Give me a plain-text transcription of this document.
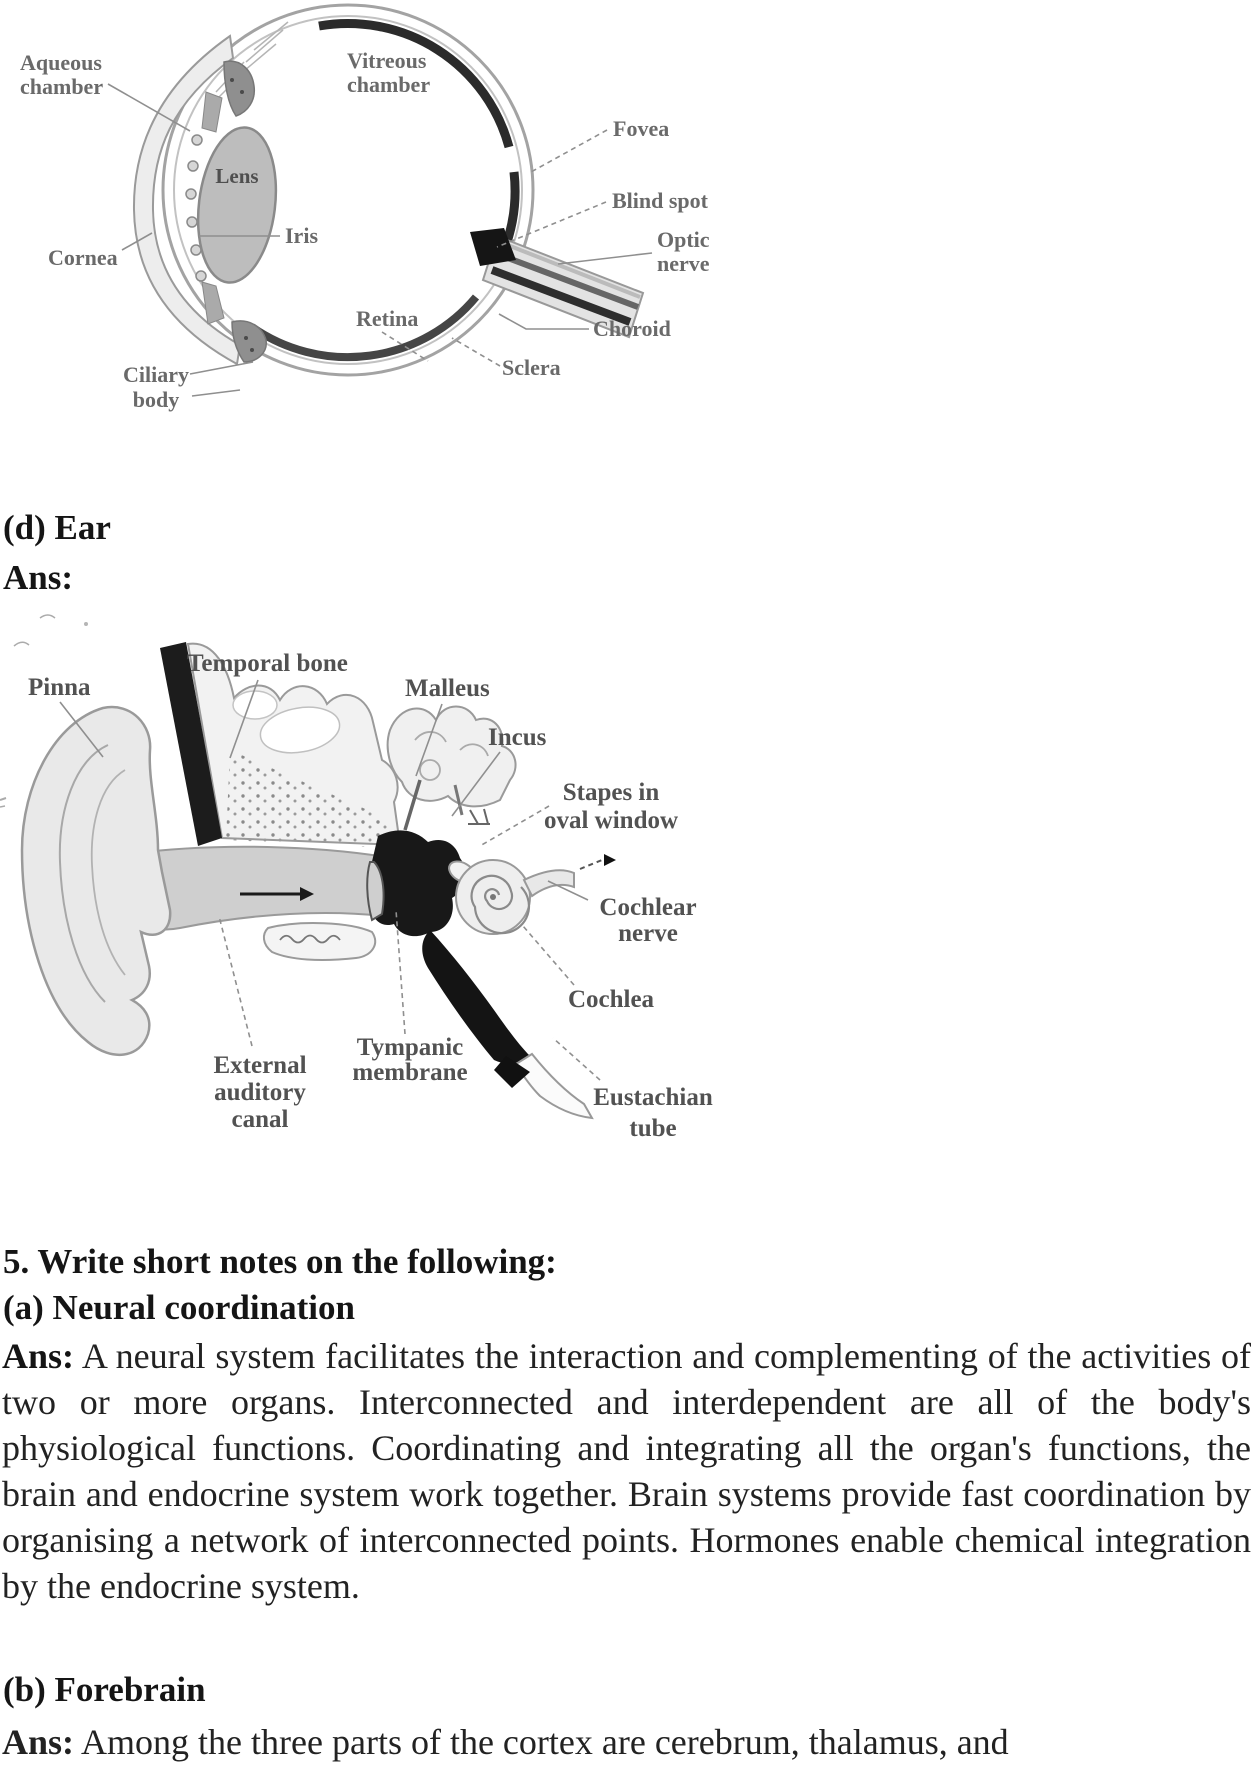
Aqueous chamber
Vitreous chamber
Fovea
Blind spot
Optic nerve
Lens
Iris
Cornea
Retina	Choroid
Sclera
Ciliary body
(d) Ear
Ans:
Pinna
Temporal bone
Malleus
Incus
Stapes in oval window
Cochlear nerve
Cochlea
Tympanic membrane
External auditory canal
Eustachian tube
5. Write short notes on the following:
(a) Neural coordination

Ans: A neural system facilitates the interaction and complementing of the activities of two or more organs. Interconnected and interdependent are all of the body's physiological functions. Coordinating and integrating all the organ's functions, the brain and endocrine system work together. Brain systems provide fast coordination by organising a network of interconnected points. Hormones enable chemical integration by the endocrine system.

(b) Forebrain

Ans: Among the three parts of the cortex are cerebrum, thalamus, and
